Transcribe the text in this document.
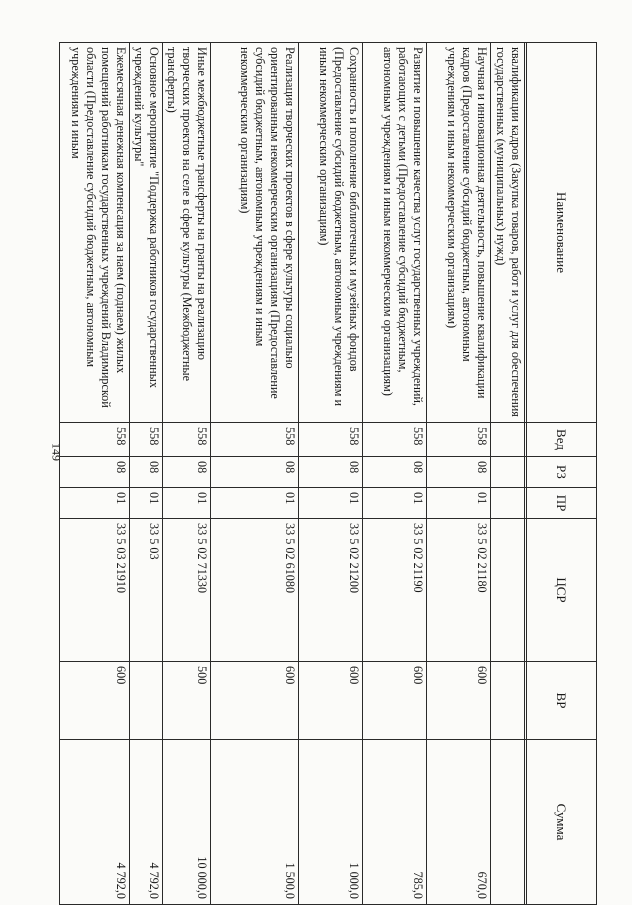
149
Наименование	Вед	РЗ	ПР	ЦСР	ВР	Сумма

квалификации кадров (Закупка товаров, работ и услуг для обеспечения государственных (муниципальных) нужд)						
Научная и инновационная деятельность, повышение квалификации кадров (Предоставление субсидий бюджетным, автономным учреждениям и иным некоммерческим организациям)	558	08	01	33 5 02 21180	600	670,0
Развитие и повышение качества услуг государственных учреждений, работающих с детьми (Предоставление субсидий бюджетным, автономным учреждениям и иным некоммерческим организациям)	558	08	01	33 5 02 21190	600	785,0
Сохранность и пополнение библиотечных и музейных фондов (Предоставление субсидий бюджетным, автономным учреждениям и иным некоммерческим организациям)	558	08	01	33 5 02 21200	600	1 000,0
Реализация творческих проектов в сфере культуры социально ориентированным некоммерческим организациям (Предоставление субсидий бюджетным, автономным учреждениям и иным некоммерческим организациям)	558	08	01	33 5 02 61080	600	1 500,0
Иные межбюджетные трансферты на гранты на реализацию творческих проектов на селе в сфере культуры (Межбюджетные трансферты)	558	08	01	33 5 02 71330	500	10 000,0
Основное мероприятие "Поддержка работников государственных учреждений культуры"	558	08	01	33 5 03		4 792,0
Ежемесячная денежная компенсация за наем (поднаем) жилых помещений работникам государственных учреждений Владимирской области (Предоставление субсидий бюджетным, автономным учреждениям и иным	558	08	01	33 5 03 21910	600	4 792,0
